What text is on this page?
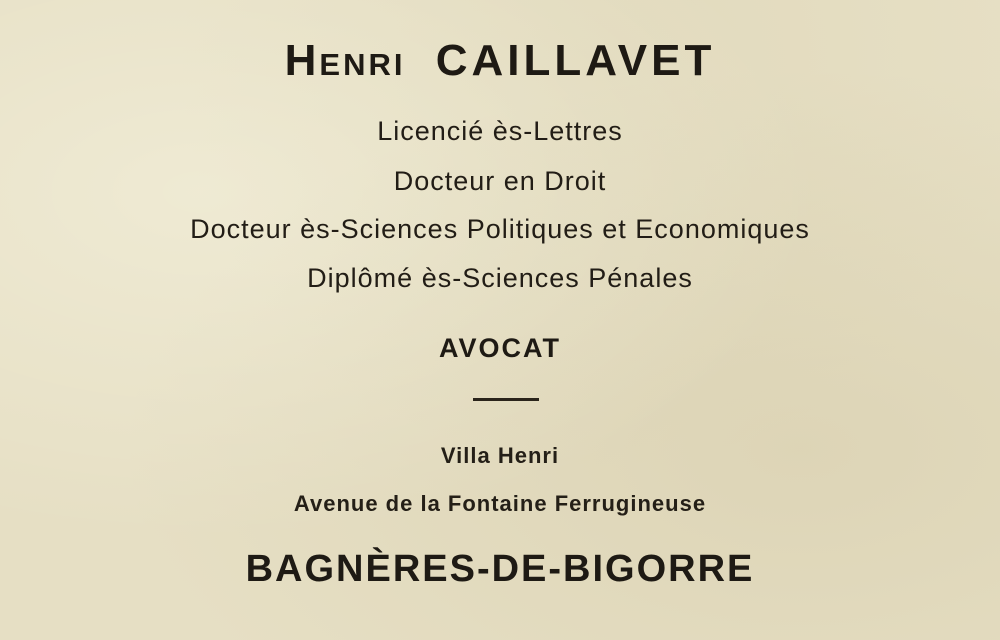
Henri CAILLAVET
Licencié ès-Lettres
Docteur en Droit
Docteur ès-Sciences Politiques et Economiques
Diplômé ès-Sciences Pénales
AVOCAT
Villa Henri
Avenue de la Fontaine Ferrugineuse
BAGNÈRES-DE-BIGORRE
